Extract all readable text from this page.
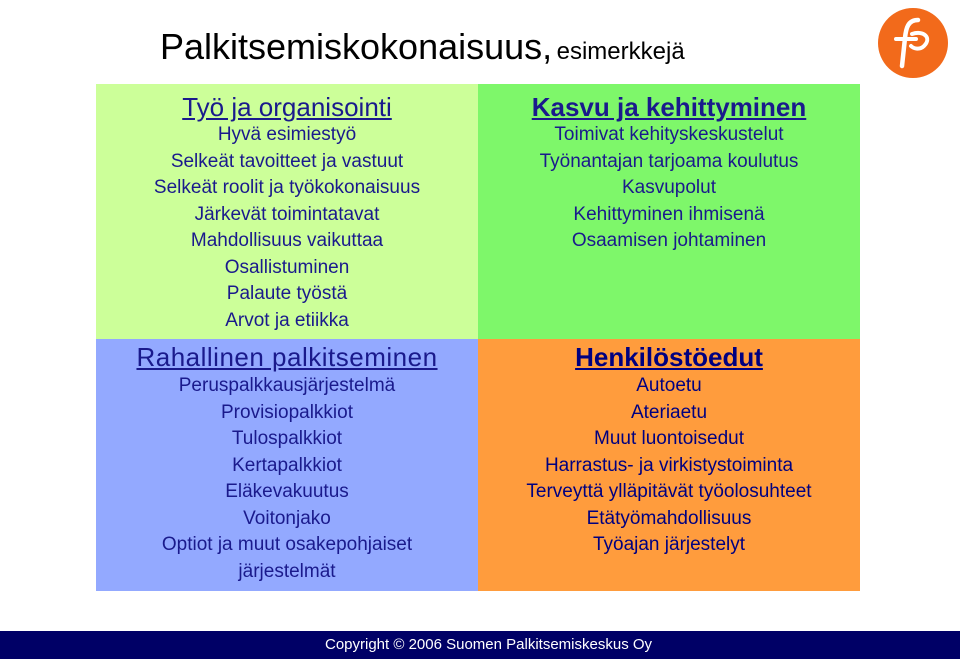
Palkitsemiskokonaisuus, esimerkkejä

Työ ja organisointi

Hyvä esimiestyö
Selkeät tavoitteet ja vastuut
Selkeät roolit ja työkokonaisuus
Järkevät toimintatavat
Mahdollisuus vaikuttaa
Osallistuminen
Palaute työstä
Arvot ja etiikka

Kasvu ja kehittyminen

Toimivat kehityskeskustelut
Työnantajan tarjoama koulutus
Kasvupolut
Kehittyminen ihmisenä
Osaamisen johtaminen

Rahallinen palkitseminen

Peruspalkkausjärjestelmä
Provisiopalkkiot
Tulospalkkiot
Kertapalkkiot
Eläkevakuutus
Voitonjako
Optiot ja muut osakepohjaiset
järjestelmät

Henkilöstöedut

Autoetu
Ateriaetu
Muut luontoisedut
Harrastus- ja virkistystoiminta
Terveyttä ylläpitävät työolosuhteet
Etätyömahdollisuus
Työajan järjestelyt
Copyright © 2006 Suomen Palkitsemiskeskus Oy
